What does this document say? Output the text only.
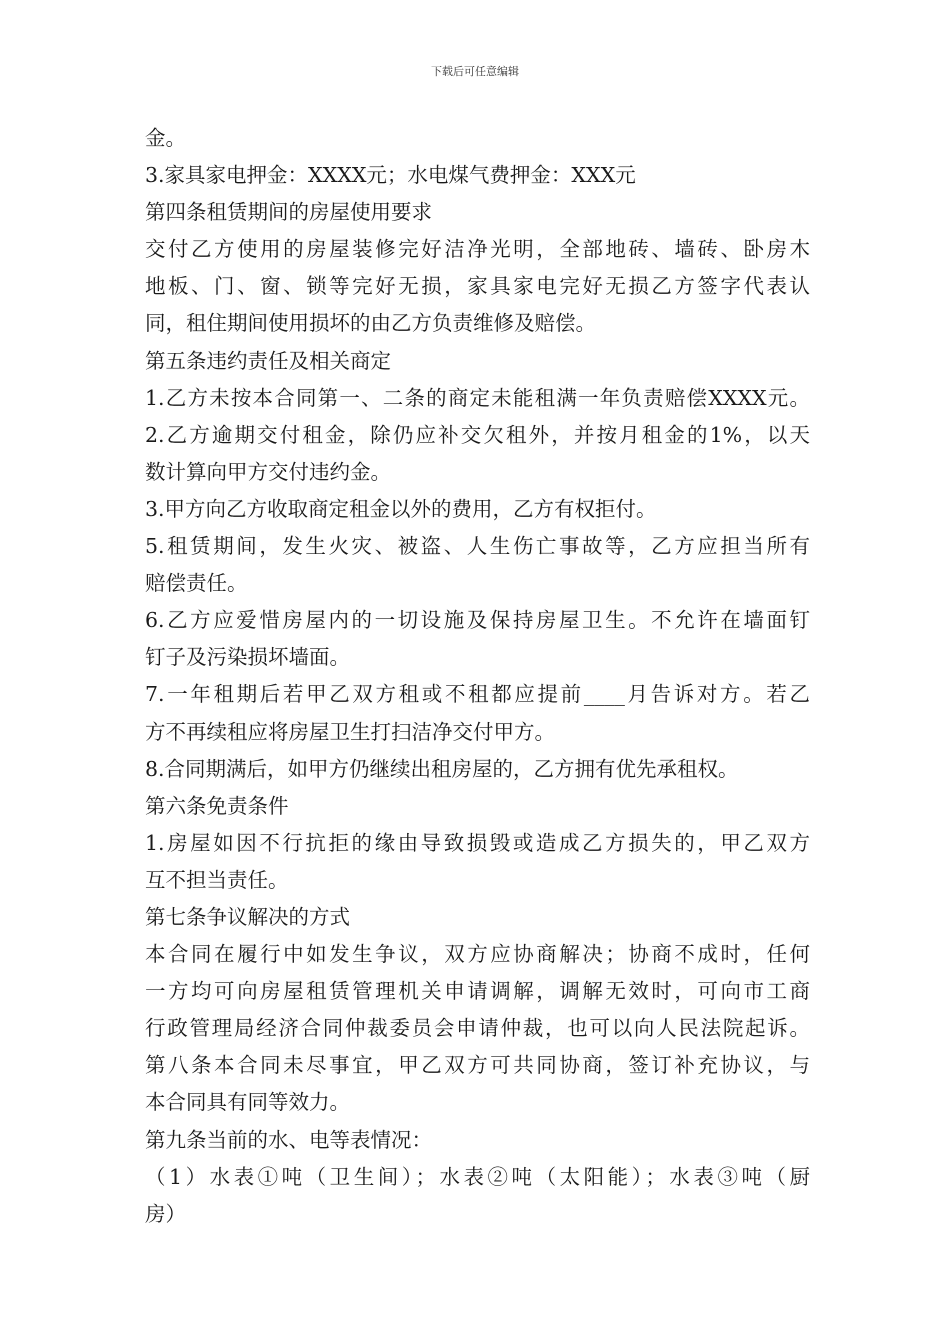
下载后可任意编辑
金。
3.家具家电押金：XXXX元；水电煤气费押金：XXX元
第四条租赁期间的房屋使用要求
交付乙方使用的房屋装修完好洁净光明，全部地砖、墙砖、卧房木
地板、门、窗、锁等完好无损，家具家电完好无损乙方签字代表认
同，租住期间使用损坏的由乙方负责维修及赔偿。
第五条违约责任及相关商定
1.乙方未按本合同第一、二条的商定未能租满一年负责赔偿XXXX元。
2.乙方逾期交付租金，除仍应补交欠租外，并按月租金的1%，以天
数计算向甲方交付违约金。
3.甲方向乙方收取商定租金以外的费用，乙方有权拒付。
5.租赁期间，发生火灾、被盗、人生伤亡事故等，乙方应担当所有
赔偿责任。
6.乙方应爱惜房屋内的一切设施及保持房屋卫生。不允许在墙面钉
钉子及污染损坏墙面。
7.一年租期后若甲乙双方租或不租都应提前____月告诉对方。若乙
方不再续租应将房屋卫生打扫洁净交付甲方。
8.合同期满后，如甲方仍继续出租房屋的，乙方拥有优先承租权。
第六条免责条件
1.房屋如因不行抗拒的缘由导致损毁或造成乙方损失的，甲乙双方
互不担当责任。
第七条争议解决的方式
本合同在履行中如发生争议，双方应协商解决；协商不成时，任何
一方均可向房屋租赁管理机关申请调解，调解无效时，可向市工商
行政管理局经济合同仲裁委员会申请仲裁，也可以向人民法院起诉。
第八条本合同未尽事宜，甲乙双方可共同协商，签订补充协议，与
本合同具有同等效力。
第九条当前的水、电等表情况：
（1）水表①吨（卫生间）；水表②吨（太阳能）；水表③吨（厨
房）
